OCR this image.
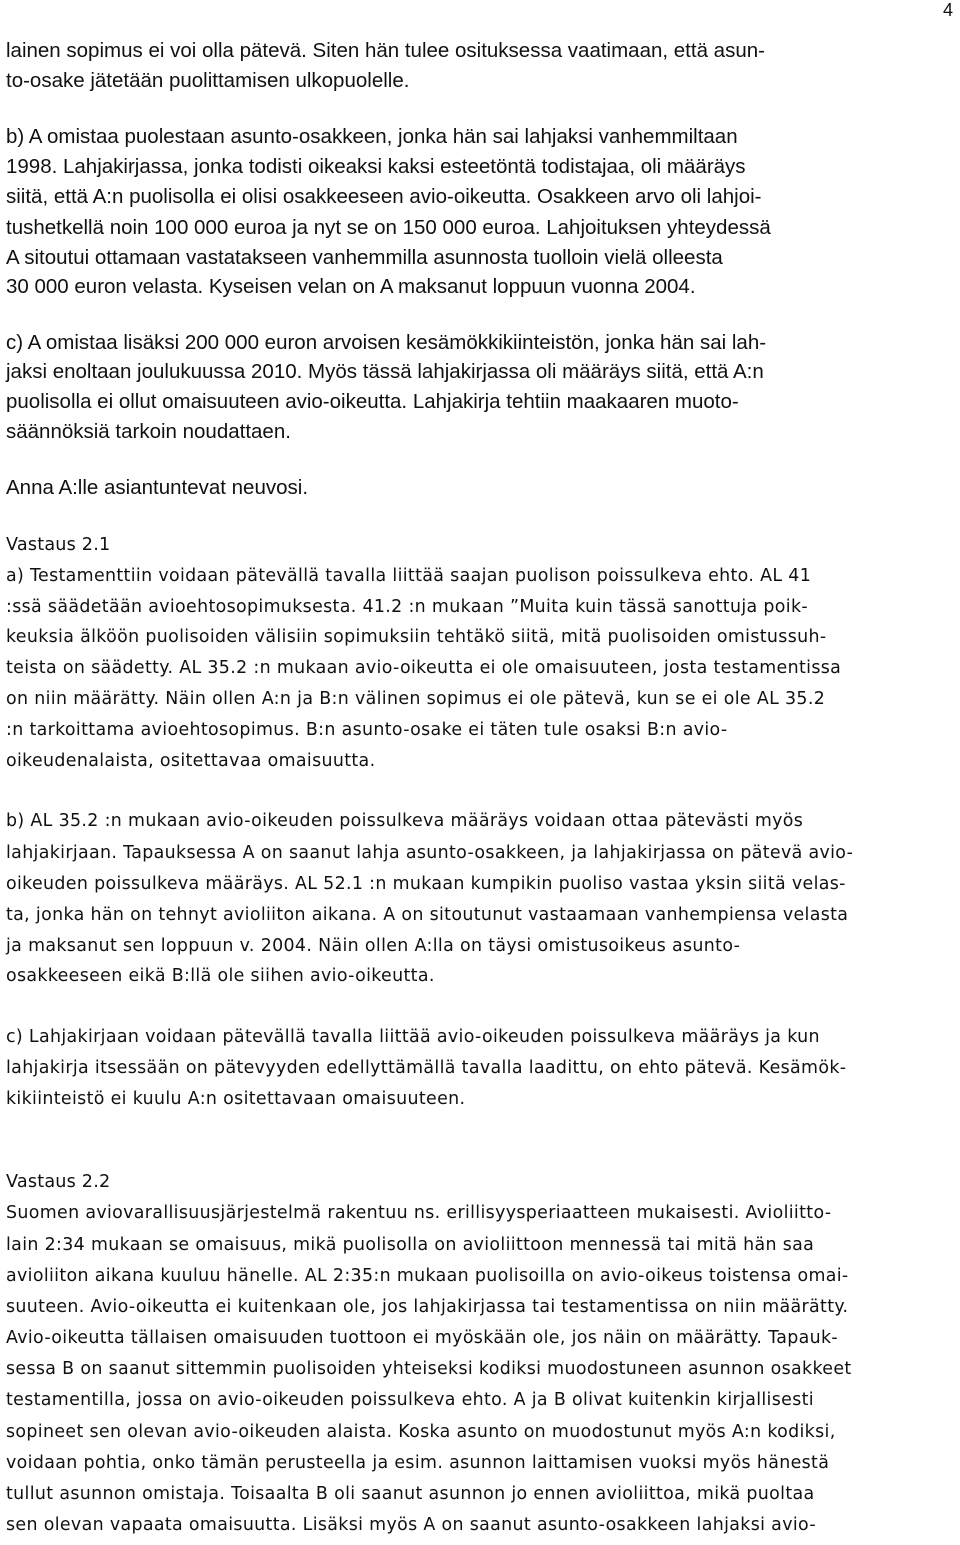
4
lainen sopimus ei voi olla pätevä. Siten hän tulee osituksessa vaatimaan, että asun-
to-osake jätetään puolittamisen ulkopuolelle.
b) A omistaa puolestaan asunto-osakkeen, jonka hän sai lahjaksi vanhemmiltaan
1998. Lahjakirjassa, jonka todisti oikeaksi kaksi esteetöntä todistajaa, oli määräys
siitä, että A:n puolisolla ei olisi osakkeeseen avio-oikeutta. Osakkeen arvo oli lahjoi-
tushetkellä noin 100 000 euroa ja nyt se on 150 000 euroa. Lahjoituksen yhteydessä
A sitoutui ottamaan vastatakseen vanhemmilla asunnosta tuolloin vielä olleesta
30 000 euron velasta. Kyseisen velan on A maksanut loppuun vuonna 2004.
c) A omistaa lisäksi 200 000 euron arvoisen kesämökkikiinteistön, jonka hän sai lah-
jaksi enoltaan joulukuussa 2010. Myös tässä lahjakirjassa oli määräys siitä, että A:n
puolisolla ei ollut omaisuuteen avio-oikeutta. Lahjakirja tehtiin maakaaren muoto-
säännöksiä tarkoin noudattaen.
Anna A:lle asiantuntevat neuvosi.
Vastaus 2.1
a) Testamenttiin voidaan pätevällä tavalla liittää saajan puolison poissulkeva ehto. AL 41
:ssä säädetään avioehtosopimuksesta. 41.2 :n mukaan ”Muita kuin tässä sanottuja poik-
keuksia älköön puolisoiden välisiin sopimuksiin tehtäkö siitä, mitä puolisoiden omistussuh-
teista on säädetty. AL 35.2 :n mukaan avio-oikeutta ei ole omaisuuteen, josta testamentissa
on niin määrätty. Näin ollen A:n ja B:n välinen sopimus ei ole pätevä, kun se ei ole AL 35.2
:n tarkoittama avioehtosopimus. B:n asunto-osake ei täten tule osaksi B:n avio-
oikeudenalaista, ositettavaa omaisuutta.
b) AL 35.2 :n mukaan avio-oikeuden poissulkeva määräys voidaan ottaa pätevästi myös
lahjakirjaan. Tapauksessa A on saanut lahja asunto-osakkeen, ja lahjakirjassa on pätevä avio-
oikeuden poissulkeva määräys. AL 52.1 :n mukaan kumpikin puoliso vastaa yksin siitä velas-
ta, jonka hän on tehnyt avioliiton aikana. A on sitoutunut vastaamaan vanhempiensa velasta
ja maksanut sen loppuun v. 2004. Näin ollen A:lla on täysi omistusoikeus asunto-
osakkeeseen eikä B:llä ole siihen avio-oikeutta.
c) Lahjakirjaan voidaan pätevällä tavalla liittää avio-oikeuden poissulkeva määräys ja kun
lahjakirja itsessään on pätevyyden edellyttämällä tavalla laadittu, on ehto pätevä. Kesämök-
kikiinteistö ei kuulu A:n ositettavaan omaisuuteen.
Vastaus 2.2
Suomen aviovarallisuusjärjestelmä rakentuu ns. erillisyysperiaatteen mukaisesti. Avioliitto-
lain 2:34 mukaan se omaisuus, mikä puolisolla on avioliittoon mennessä tai mitä hän saa
avioliiton aikana kuuluu hänelle. AL 2:35:n mukaan puolisoilla on avio-oikeus toistensa omai-
suuteen. Avio-oikeutta ei kuitenkaan ole, jos lahjakirjassa tai testamentissa on niin määrätty.
Avio-oikeutta tällaisen omaisuuden tuottoon ei myöskään ole, jos näin on määrätty. Tapauk-
sessa B on saanut sittemmin puolisoiden yhteiseksi kodiksi muodostuneen asunnon osakkeet
testamentilla, jossa on avio-oikeuden poissulkeva ehto. A ja B olivat kuitenkin kirjallisesti
sopineet sen olevan avio-oikeuden alaista. Koska asunto on muodostunut myös A:n kodiksi,
voidaan pohtia, onko tämän perusteella ja esim. asunnon laittamisen vuoksi myös hänestä
tullut asunnon omistaja. Toisaalta B oli saanut asunnon jo ennen avioliittoa, mikä puoltaa
sen olevan vapaata omaisuutta. Lisäksi myös A on saanut asunto-osakkeen lahjaksi avio-
